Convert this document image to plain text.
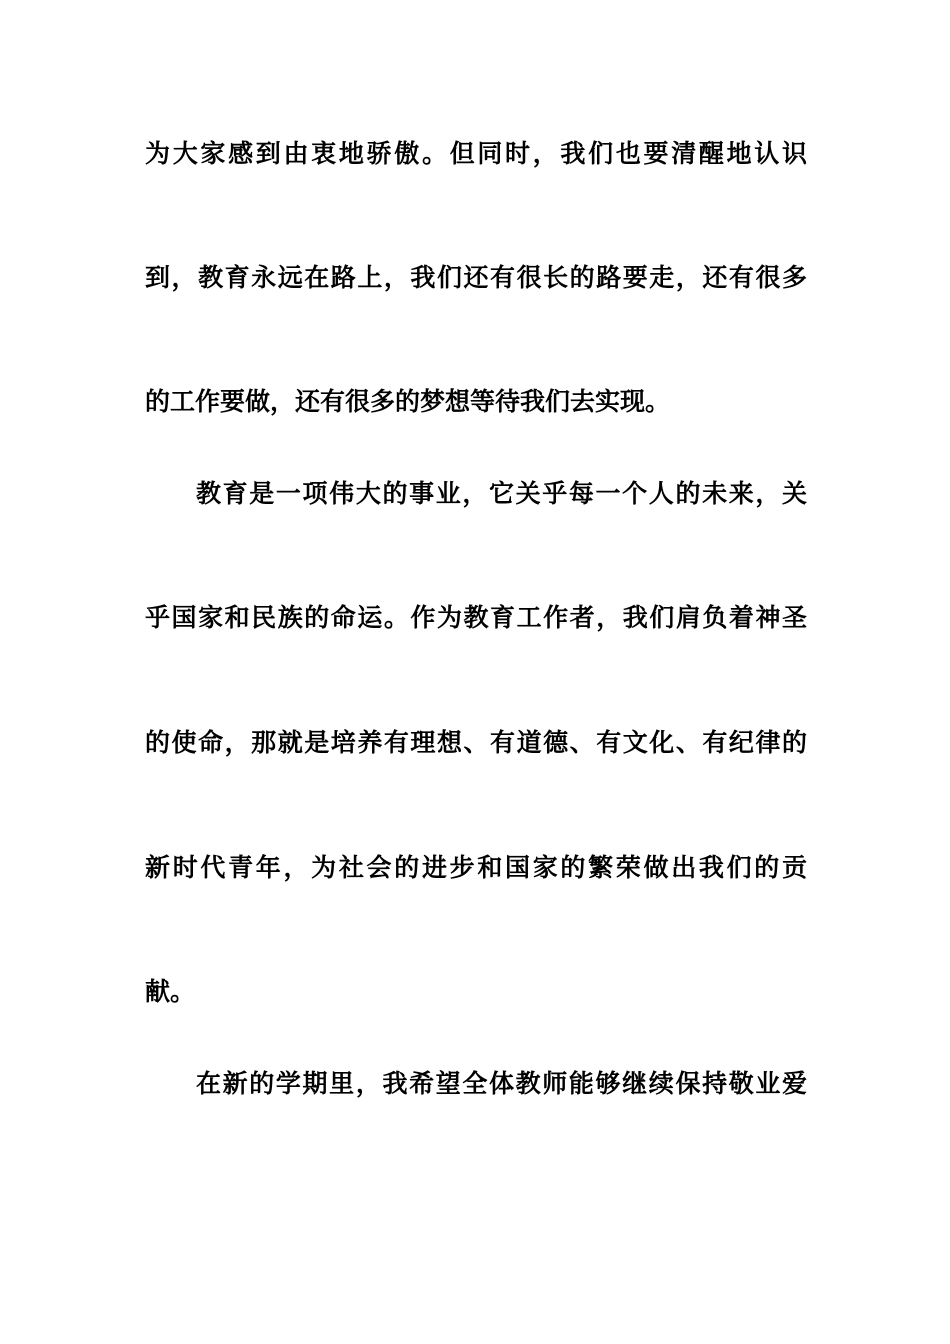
为大家感到由衷地骄傲。但同时，我们也要清醒地认识
到，教育永远在路上，我们还有很长的路要走，还有很多
的工作要做，还有很多的梦想等待我们去实现。
教育是一项伟大的事业，它关乎每一个人的未来，关
乎国家和民族的命运。作为教育工作者，我们肩负着神圣
的使命，那就是培养有理想、有道德、有文化、有纪律的
新时代青年，为社会的进步和国家的繁荣做出我们的贡
献。
在新的学期里，我希望全体教师能够继续保持敬业爱
